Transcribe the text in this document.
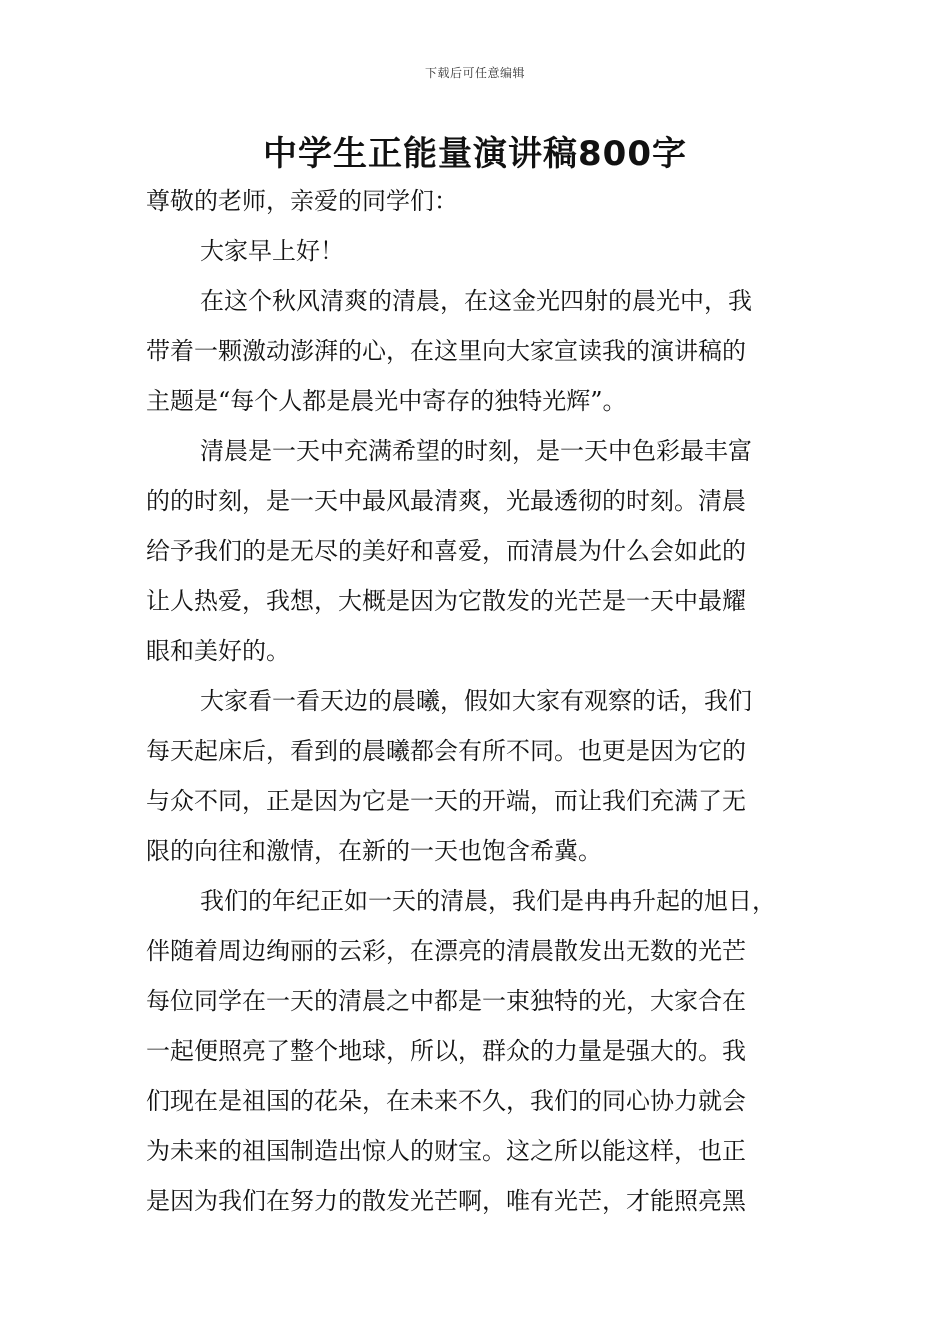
下载后可任意编辑
中学生正能量演讲稿800字
尊敬的老师，亲爱的同学们：
大家早上好！
在这个秋风清爽的清晨，在这金光四射的晨光中，我
带着一颗激动澎湃的心，在这里向大家宣读我的演讲稿的
主题是“每个人都是晨光中寄存的独特光辉”。
清晨是一天中充满希望的时刻，是一天中色彩最丰富
的的时刻，是一天中最风最清爽，光最透彻的时刻。清晨
给予我们的是无尽的美好和喜爱，而清晨为什么会如此的
让人热爱，我想，大概是因为它散发的光芒是一天中最耀
眼和美好的。
大家看一看天边的晨曦，假如大家有观察的话，我们
每天起床后，看到的晨曦都会有所不同。也更是因为它的
与众不同，正是因为它是一天的开端，而让我们充满了无
限的向往和激情，在新的一天也饱含希冀。
我们的年纪正如一天的清晨，我们是冉冉升起的旭日，
伴随着周边绚丽的云彩，在漂亮的清晨散发出无数的光芒
每位同学在一天的清晨之中都是一束独特的光，大家合在
一起便照亮了整个地球，所以，群众的力量是强大的。我
们现在是祖国的花朵，在未来不久，我们的同心协力就会
为未来的祖国制造出惊人的财宝。这之所以能这样，也正
是因为我们在努力的散发光芒啊，唯有光芒，才能照亮黑
